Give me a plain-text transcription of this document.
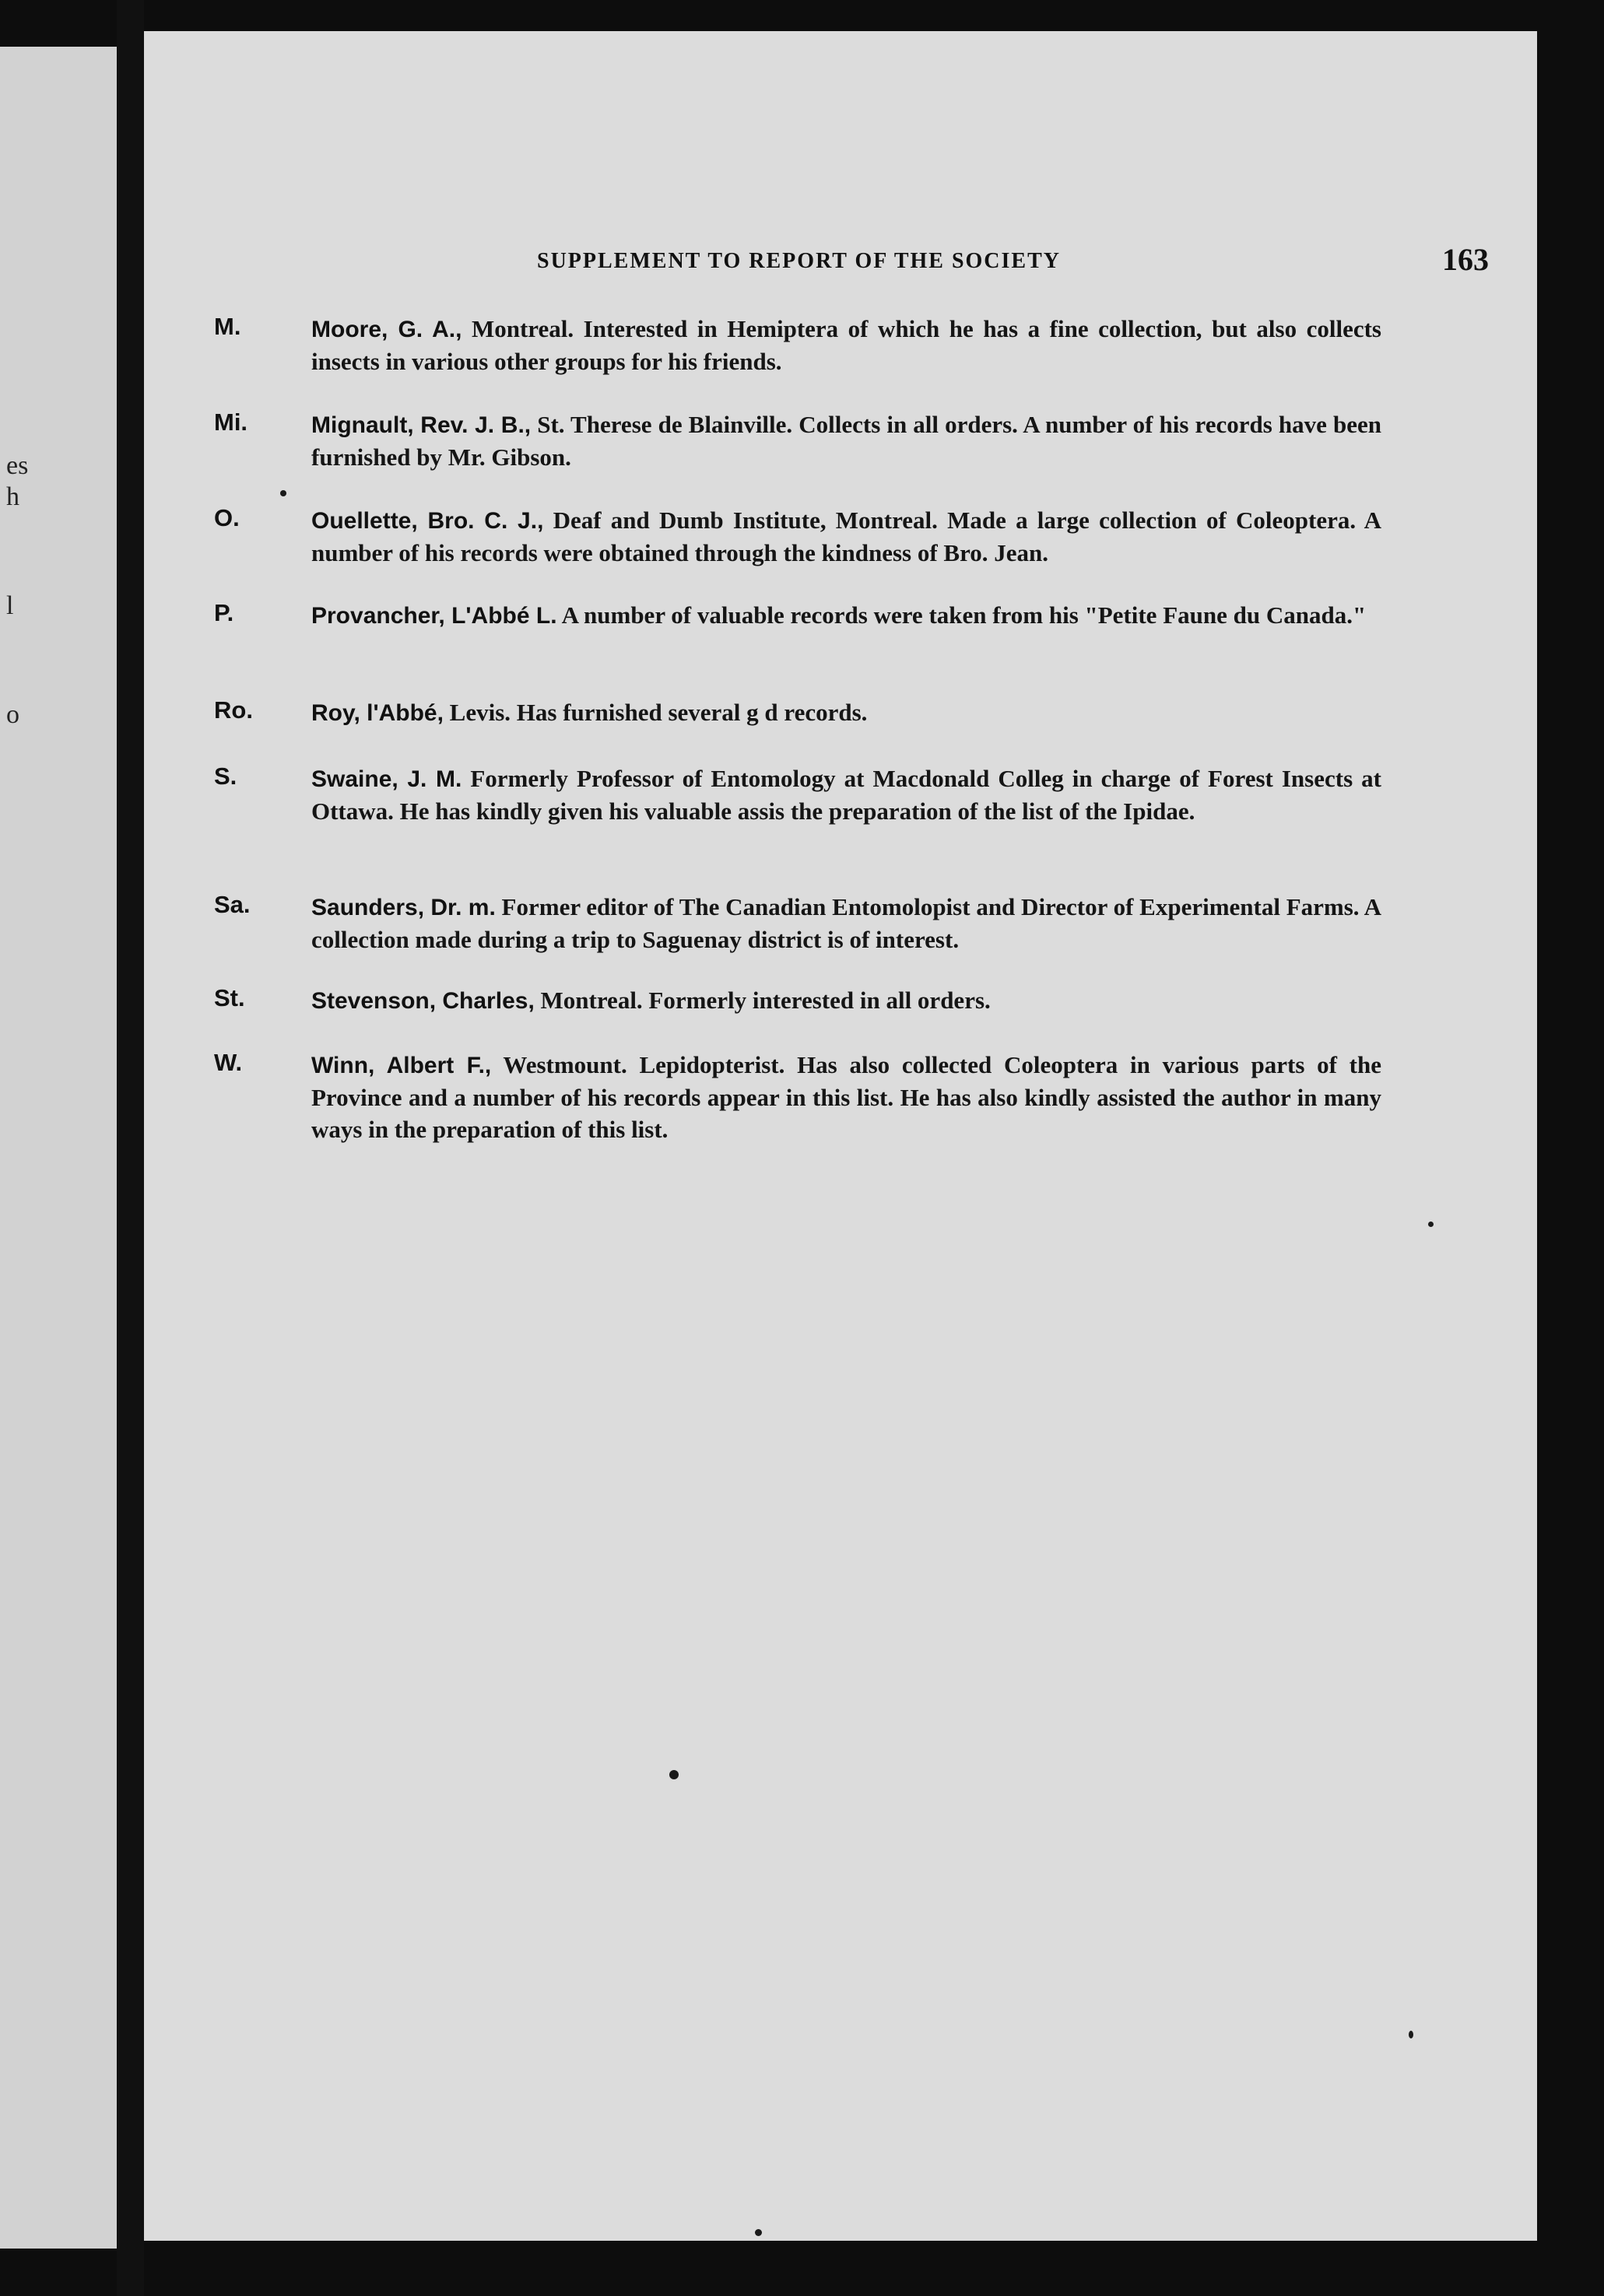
es
h
l
o
SUPPLEMENT TO REPORT OF THE SOCIETY	163
M.	Moore, G. A., Montreal. Interested in Hemiptera of which he has a fine collection, but also collects insects in various other groups for his friends.
Mi.	Mignault, Rev. J. B., St. Therese de Blainville. Collects in all orders. A number of his records have been furnished by Mr. Gibson.
O.	Ouellette, Bro. C. J., Deaf and Dumb Institute, Montreal. Made a large collection of Coleoptera. A number of his records were obtained through the kindness of Bro. Jean.
P.	Provancher, L'Abbé L. A number of valuable records were taken from his "Petite Faune du Canada."
Ro.	Roy, l'Abbé, Levis. Has furnished several g d records.
S.	Swaine, J. M. Formerly Professor of Entomology at Macdonald Colleg in charge of Forest Insects at Ottawa. He has kindly given his valuable assis the preparation of the list of the Ipidae.
Sa.	Saunders, Dr. m. Former editor of The Canadian Entomolopist and Director of Experimental Farms. A collection made during a trip to Saguenay district is of interest.
St.	Stevenson, Charles, Montreal. Formerly interested in all orders.
W.	Winn, Albert F., Westmount. Lepidopterist. Has also collected Coleoptera in various parts of the Province and a number of his records appear in this list. He has also kindly assisted the author in many ways in the preparation of this list.
